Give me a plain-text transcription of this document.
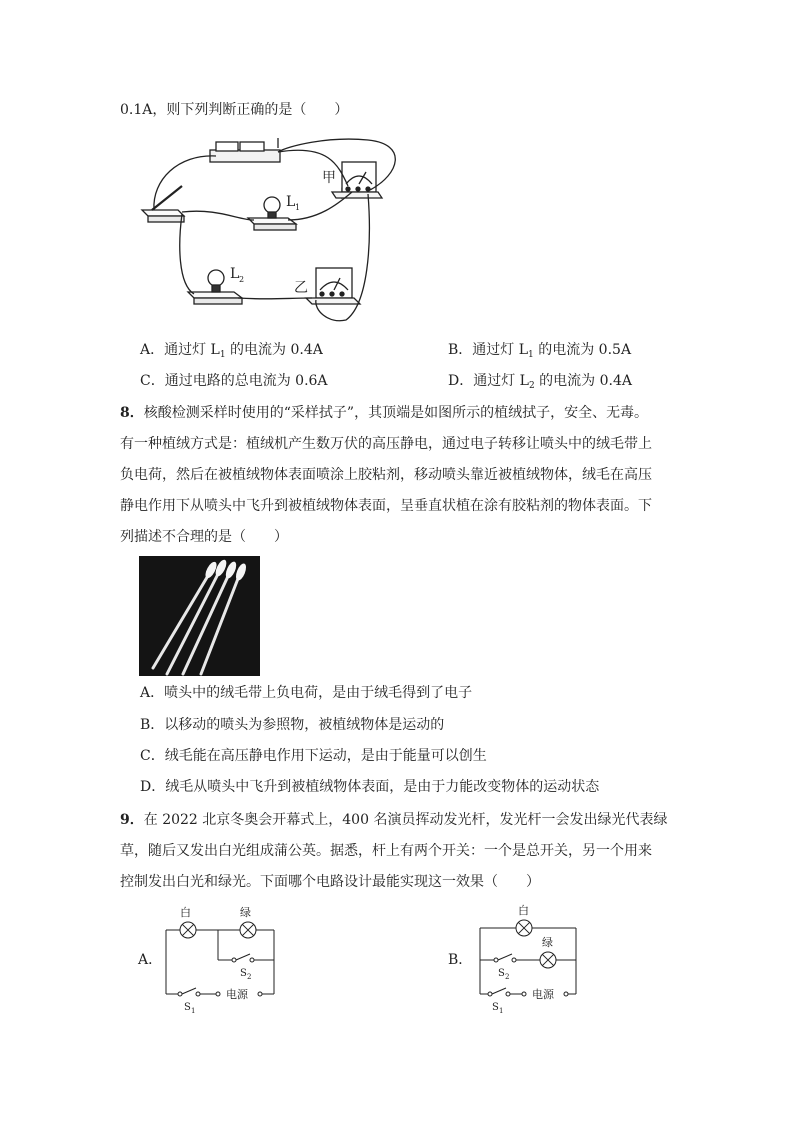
0.1A，则下列判断正确的是（　　）
甲
乙
L 1
L 2
A．通过灯 $L_1$ 的电流为 0.4A	B．通过灯 $L_1$ 的电流为 0.5A
C．通过电路的总电流为 0.6A	D．通过灯 $L_2$ 的电流为 0.4A
8．核酸检测采样时使用的“采样拭子”，其顶端是如图所示的植绒拭子，安全、无毒。
有一种植绒方式是：植绒机产生数万伏的高压静电，通过电子转移让喷头中的绒毛带上
负电荷，然后在被植绒物体表面喷涂上胶粘剂，移动喷头靠近被植绒物体，绒毛在高压
静电作用下从喷头中飞升到被植绒物体表面，呈垂直状植在涂有胶粘剂的物体表面。下
列描述不合理的是（　　）
A．喷头中的绒毛带上负电荷，是由于绒毛得到了电子
B．以移动的喷头为参照物，被植绒物体是运动的
C．绒毛能在高压静电作用下运动，是由于能量可以创生
D．绒毛从喷头中飞升到被植绒物体表面，是由于力能改变物体的运动状态
9．在 2022 北京冬奥会开幕式上，400 名演员挥动发光杆，发光杆一会发出绿光代表绿
草，随后又发出白光组成蒲公英。据悉，杆上有两个开关：一个是总开关，另一个用来
控制发出白光和绿光。下面哪个电路设计最能实现这一效果（　　）
A．
白	绿
S 2
S 1
电源
B．
白
绿
S 2
S 1
电源
